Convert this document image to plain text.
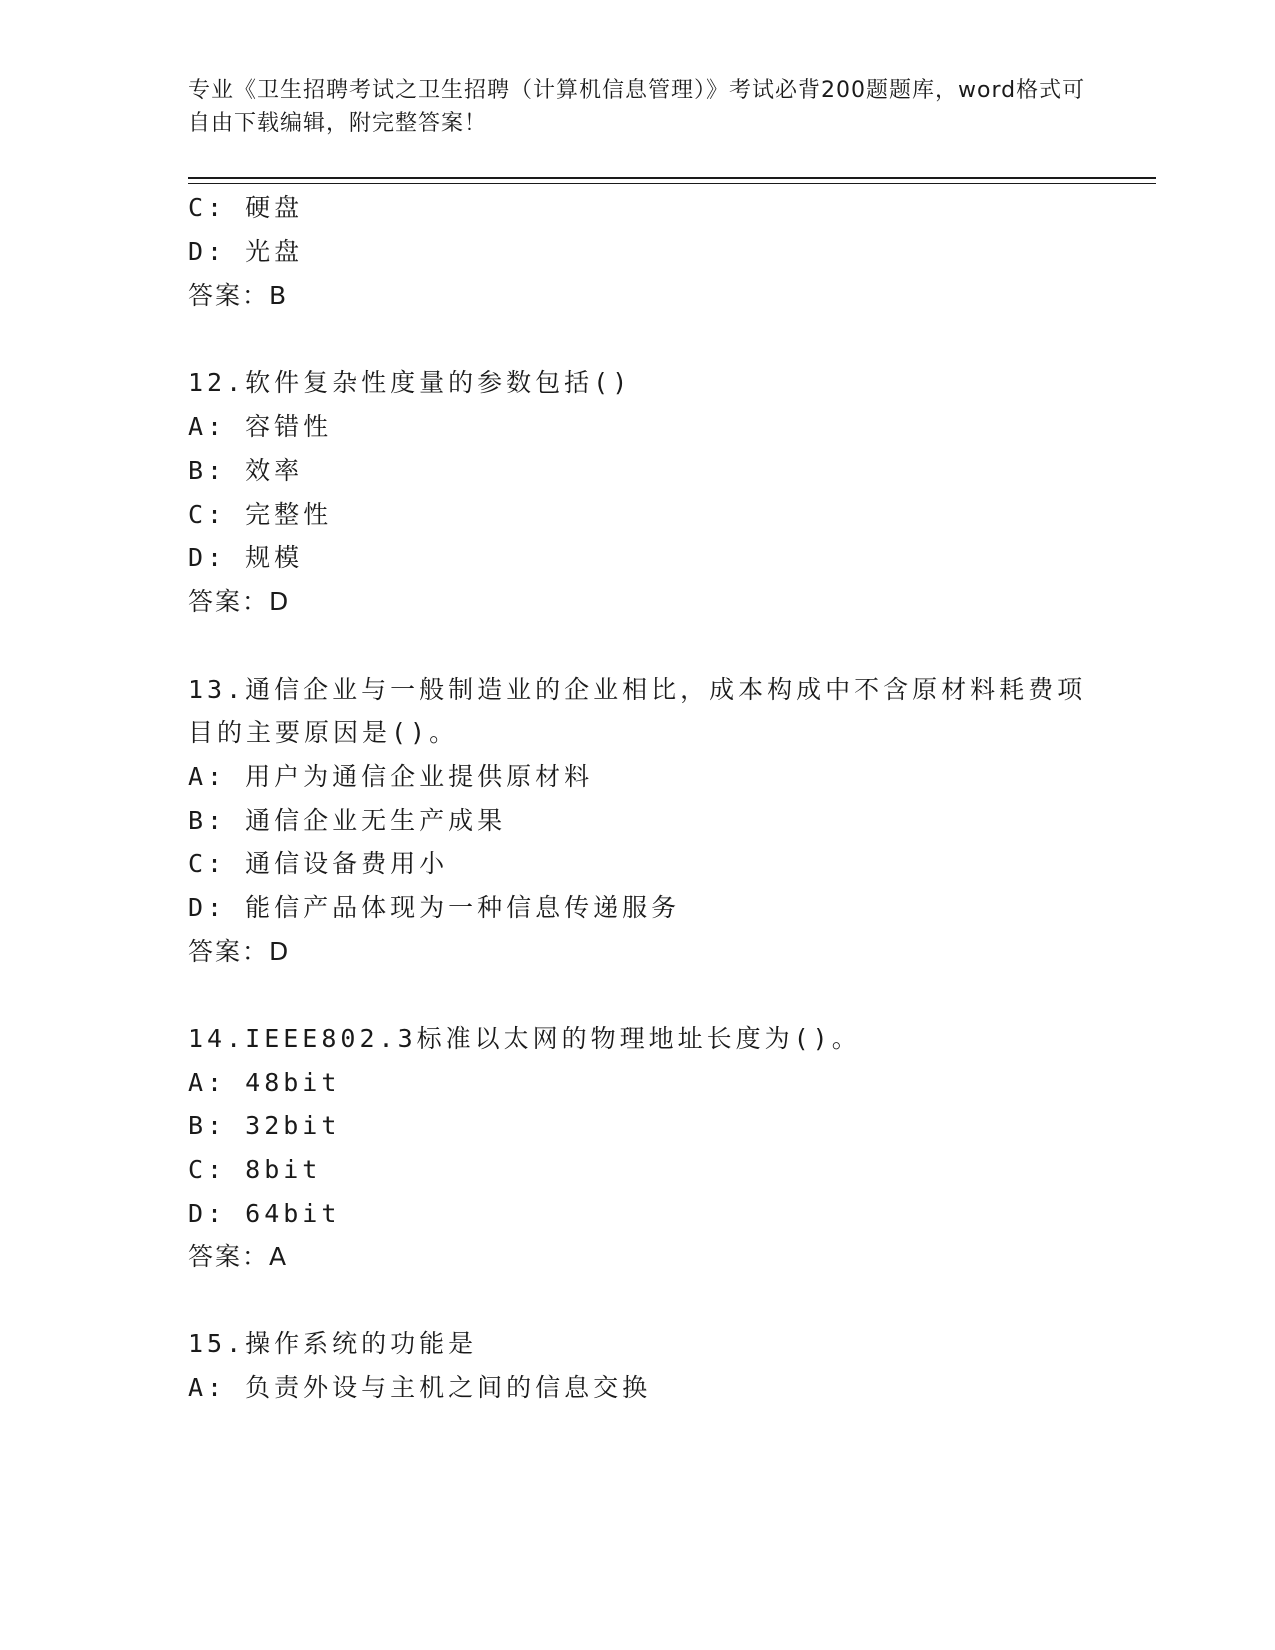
专业《卫生招聘考试之卫生招聘（计算机信息管理）》考试必背200题题库，word格式可自由下载编辑，附完整答案！
C: 硬盘
D: 光盘
答案：B
12.软件复杂性度量的参数包括()
A: 容错性
B: 效率
C: 完整性
D: 规模
答案：D
13.通信企业与一般制造业的企业相比，成本构成中不含原材料耗费项
目的主要原因是()。
A: 用户为通信企业提供原材料
B: 通信企业无生产成果
C: 通信设备费用小
D: 能信产品体现为一种信息传递服务
答案：D
14.IEEE802.3标准以太网的物理地址长度为()。
A: 48bit
B: 32bit
C: 8bit
D: 64bit
答案：A
15.操作系统的功能是
A: 负责外设与主机之间的信息交换
